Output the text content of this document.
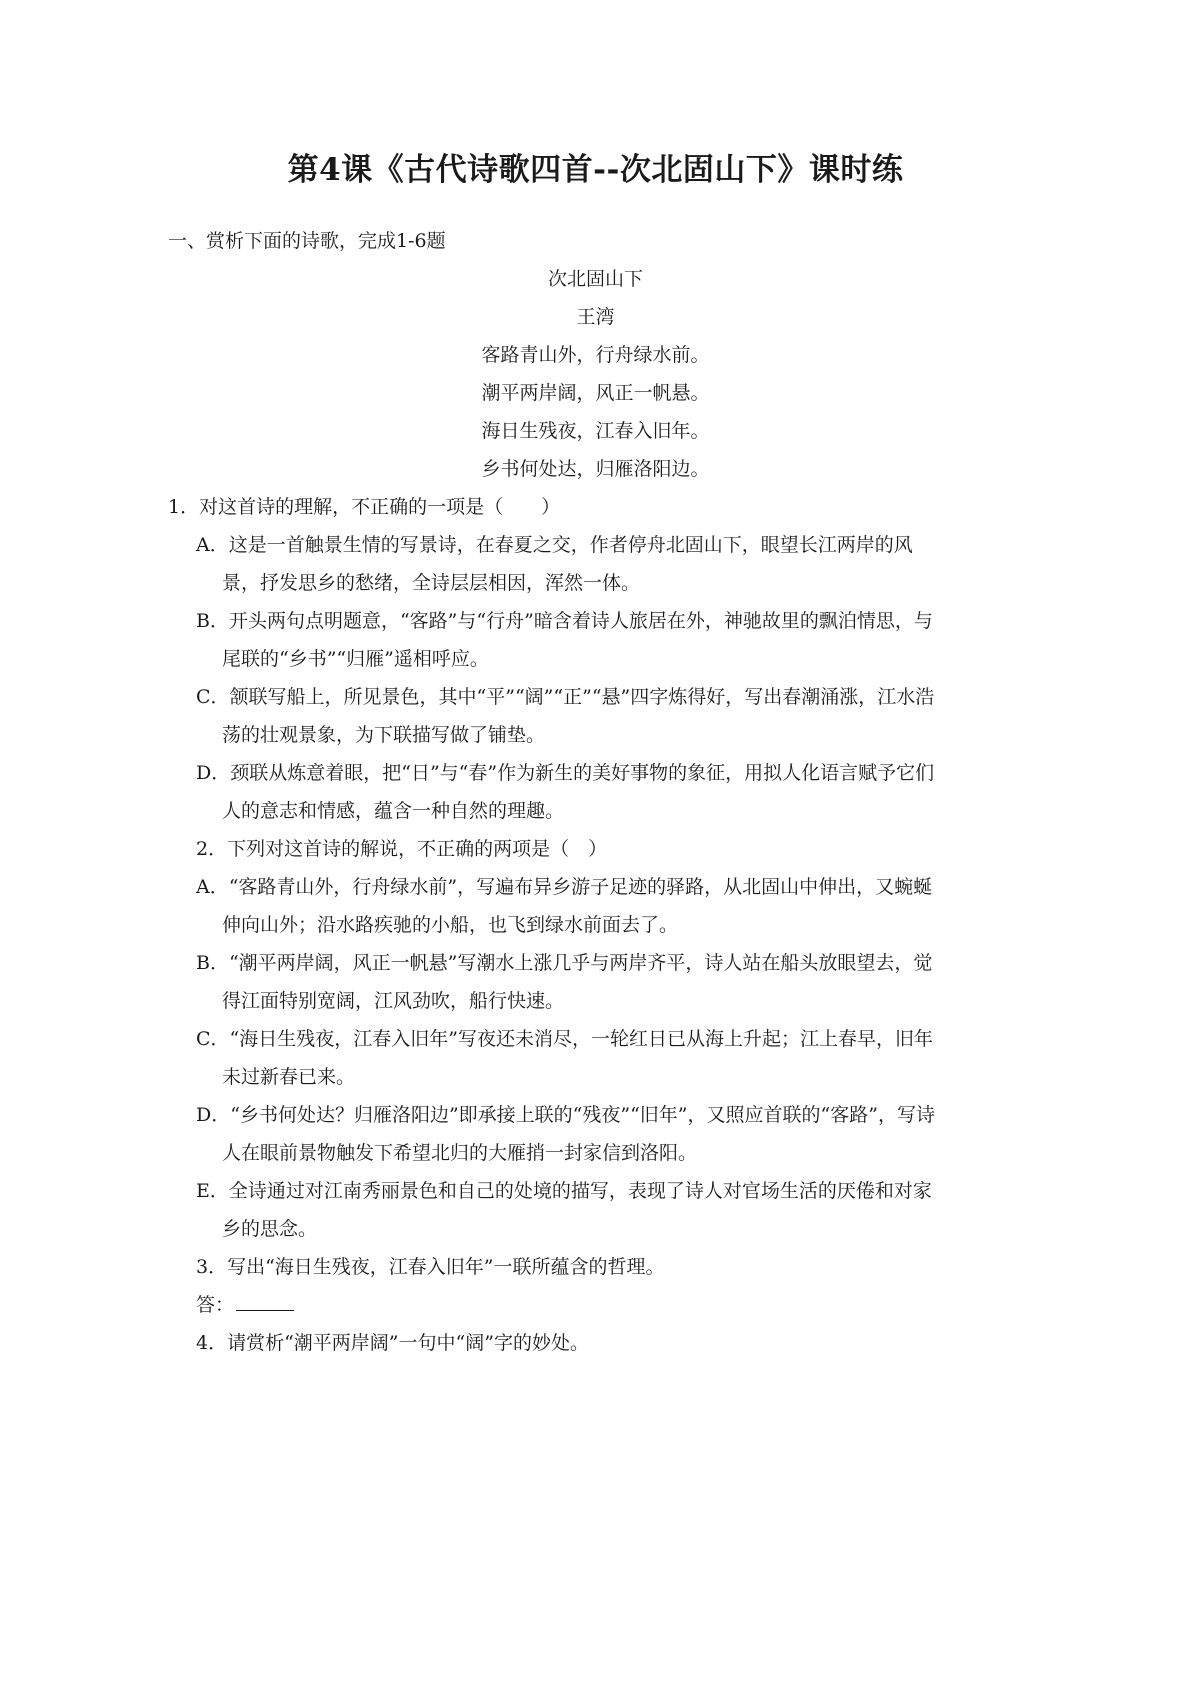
第4课《古代诗歌四首--次北固山下》课时练
一、赏析下面的诗歌，完成1-6题
次北固山下
王湾
客路青山外，行舟绿水前。
潮平两岸阔，风正一帆悬。
海日生残夜，江春入旧年。
乡书何处达，归雁洛阳边。
1．对这首诗的理解，不正确的一项是（　　）
A．这是一首触景生情的写景诗，在春夏之交，作者停舟北固山下，眼望长江两岸的风
景，抒发思乡的愁绪，全诗层层相因，浑然一体。
B．开头两句点明题意，“客路”与“行舟”暗含着诗人旅居在外，神驰故里的飘泊情思，与
尾联的“乡书”“归雁”遥相呼应。
C．颔联写船上，所见景色，其中“平”“阔”“正”“悬”四字炼得好，写出春潮涌涨，江水浩
荡的壮观景象，为下联描写做了铺垫。
D．颈联从炼意着眼，把“日”与“春”作为新生的美好事物的象征，用拟人化语言赋予它们
人的意志和情感，蕴含一种自然的理趣。
2．下列对这首诗的解说，不正确的两项是（　）
A．“客路青山外，行舟绿水前”，写遍布异乡游子足迹的驿路，从北固山中伸出，又蜿蜒
伸向山外；沿水路疾驰的小船，也飞到绿水前面去了。
B．“潮平两岸阔，风正一帆悬”写潮水上涨几乎与两岸齐平，诗人站在船头放眼望去，觉
得江面特别宽阔，江风劲吹，船行快速。
C．“海日生残夜，江春入旧年”写夜还未消尽，一轮红日已从海上升起；江上春早，旧年
未过新春已来。
D．“乡书何处达？归雁洛阳边”即承接上联的“残夜”“旧年”，又照应首联的“客路”，写诗
人在眼前景物触发下希望北归的大雁捎一封家信到洛阳。
E．全诗通过对江南秀丽景色和自己的处境的描写，表现了诗人对官场生活的厌倦和对家
乡的思念。
3．写出“海日生残夜，江春入旧年”一联所蕴含的哲理。
答：
4．请赏析“潮平两岸阔”一句中“阔”字的妙处。
